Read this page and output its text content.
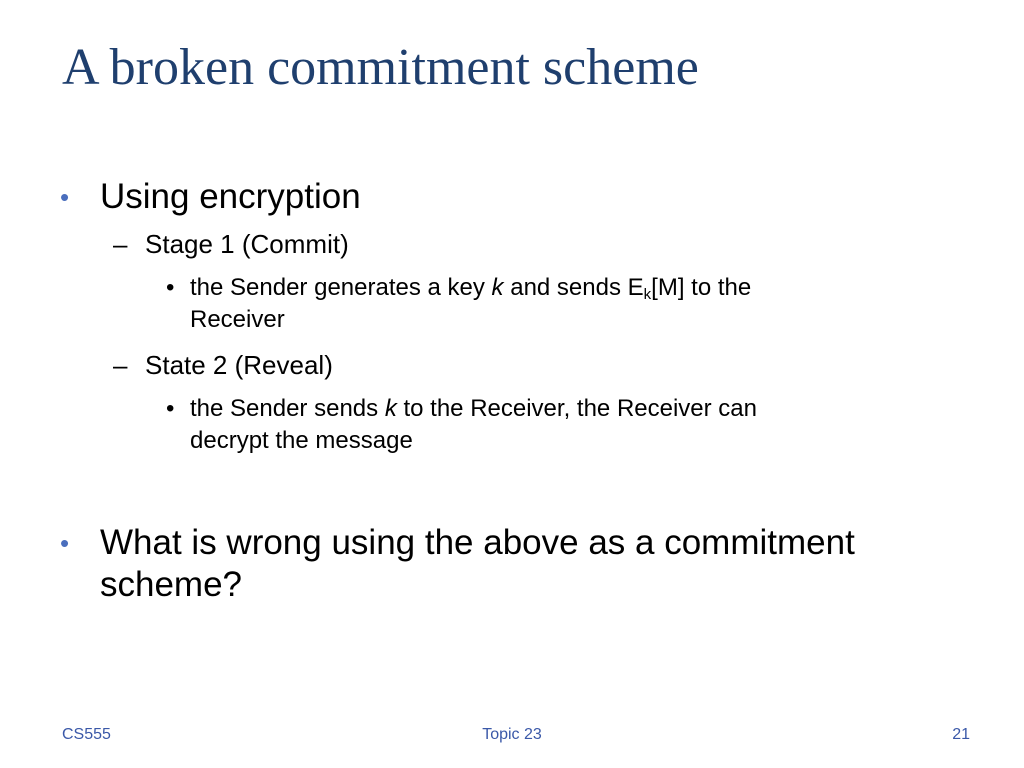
A broken commitment scheme
• Using encryption
– Stage 1 (Commit)
• the Sender generates a key k and sends $E_k[M]$ to the
Receiver
– State 2 (Reveal)
• the Sender sends k to the Receiver, the Receiver can
decrypt the message
• What is wrong using the above as a commitment
scheme?
CS555	Topic 23	21
